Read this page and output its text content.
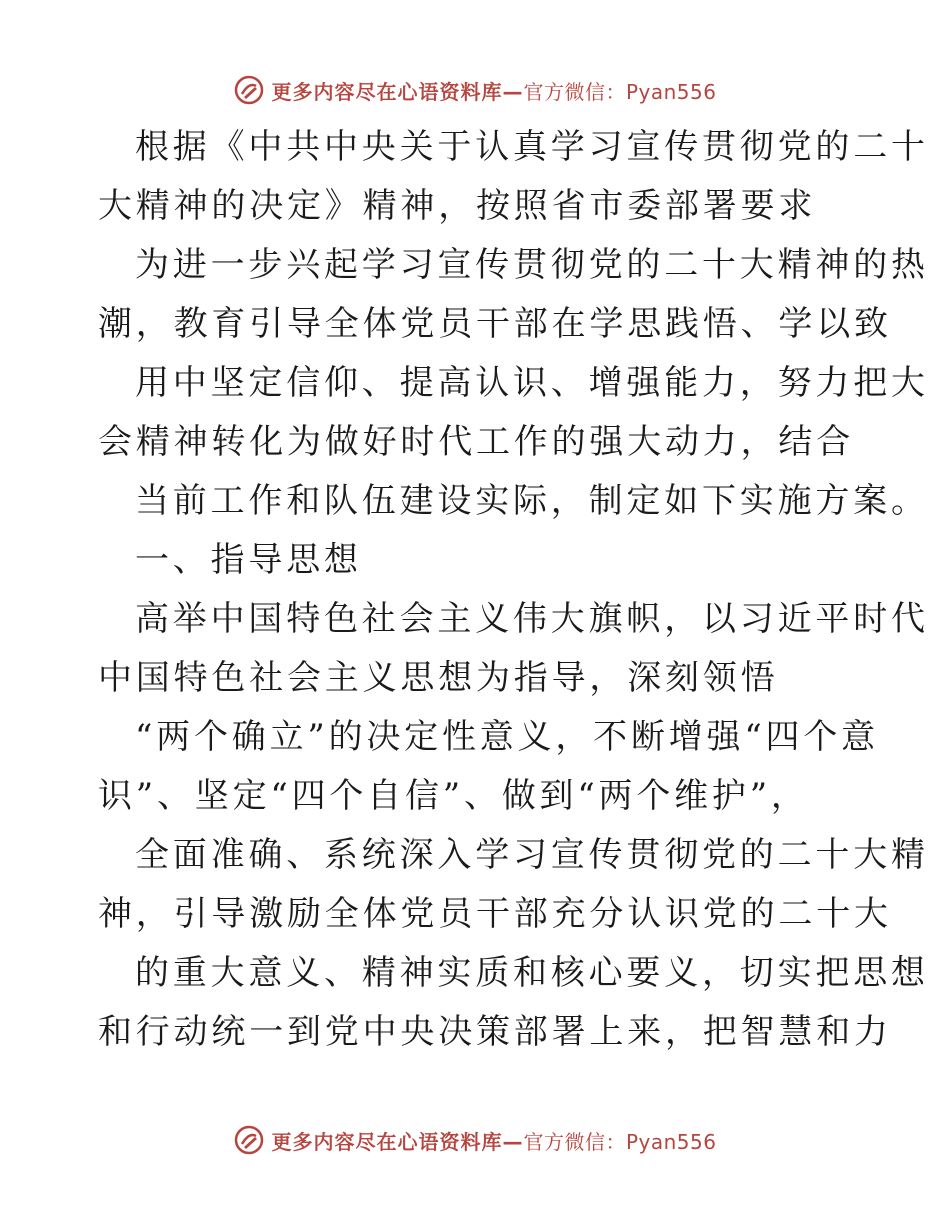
更多内容尽在心语资料库— 官方微信：Pyan556
根据《中共中央关于认真学习宣传贯彻党的二十
大精神的决定》精神，按照省市委部署要求
为进一步兴起学习宣传贯彻党的二十大精神的热
潮，教育引导全体党员干部在学思践悟、学以致
用中坚定信仰、提高认识、增强能力，努力把大
会精神转化为做好时代工作的强大动力，结合
当前工作和队伍建设实际，制定如下实施方案。
一、指导思想
高举中国特色社会主义伟大旗帜，以习近平时代
中国特色社会主义思想为指导，深刻领悟
“两个确立”的决定性意义，不断增强“四个意
识”、坚定“四个自信”、做到“两个维护”，
全面准确、系统深入学习宣传贯彻党的二十大精
神，引导激励全体党员干部充分认识党的二十大
的重大意义、精神实质和核心要义，切实把思想
和行动统一到党中央决策部署上来，把智慧和力
更多内容尽在心语资料库— 官方微信：Pyan556
